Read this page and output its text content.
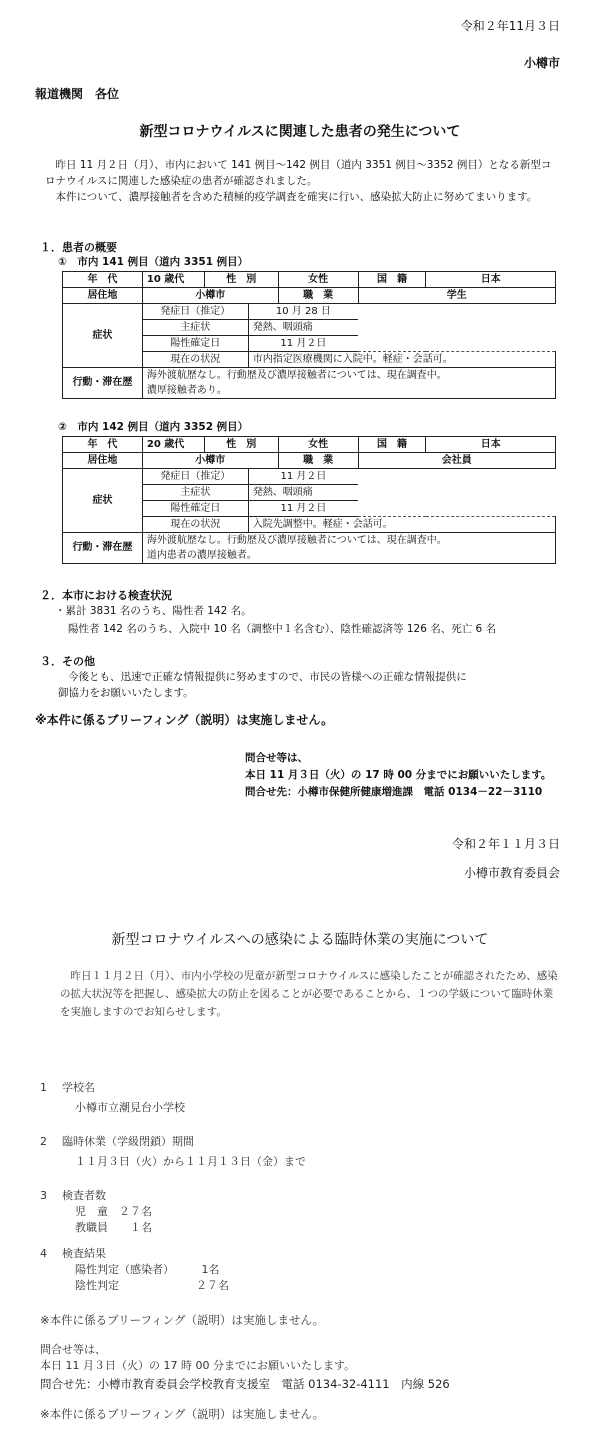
令和２年11月３日
小樽市
報道機関　各位
新型コロナウイルスに関連した患者の発生について
昨日 11 月２日（月）、市内において 141 例目～142 例目（道内 3351 例目～3352 例目）となる新型コロナウイルスに関連した感染症の患者が確認されました。
本件について、濃厚接触者を含めた積極的疫学調査を確実に行い、感染拡大防止に努めてまいります。
１．患者の概要
①　市内 141 例目（道内 3351 例目）
年　代	10 歳代	性　別		女性	国　籍	日本
居住地	小樽市			職　業	学生	
症状	発症日（推定）		10 月 28 日			
	主症状		発熱、咽頭痛			
	陽性確定日		11 月２日			
	現在の状況		市内指定医療機関に入院中。軽症・会話可。			
行動・滞在歴	海外渡航歴なし。行動歴及び濃厚接触者については、現在調査中。					
	濃厚接触者あり。					
②　市内 142 例目（道内 3352 例目）
年　代	20 歳代	性　別		女性	国　籍	日本
居住地	小樽市			職　業	会社員	
症状	発症日（推定）		11 月２日			
	主症状		発熱、咽頭痛			
	陽性確定日		11 月２日			
	現在の状況		入院先調整中。軽症・会話可。			
行動・滞在歴	海外渡航歴なし。行動歴及び濃厚接触者については、現在調査中。					
	道内患者の濃厚接触者。					
２．本市における検査状況
・累計 3831 名のうち、陽性者 142 名。
陽性者 142 名のうち、入院中 10 名（調整中１名含む）、陰性確認済等 126 名、死亡 6 名
３．その他
今後とも、迅速で正確な情報提供に努めますので、市民の皆様への正確な情報提供に
御協力をお願いいたします。
※本件に係るブリーフィング（説明）は実施しません。
問合せ等は、
本日 11 月３日（火）の 17 時 00 分までにお願いいたします。
問合せ先：小樽市保健所健康増進課　電話 0134－22－3110
令和２年１１月３日
小樽市教育委員会
新型コロナウイルスへの感染による臨時休業の実施について
昨日１１月２日（月）、市内小学校の児童が新型コロナウイルスに感染したことが確認されたため、感染の拡大状況等を把握し、感染拡大の防止を図ることが必要であることから、１つの学級について臨時休業を実施しますのでお知らせします。
1 学校名
小樽市立潮見台小学校
2 臨時休業（学級閉鎖）期間
１１月３日（火）から１１月１３日（金）まで
3 検査者数
児　童　２７名
教職員　　１名
4 検査結果
陽性判定（感染者）　　　1名
陰性判定　　　　　　　２７名
※本件に係るブリーフィング（説明）は実施しません。
問合せ等は、
本日 11 月３日（火）の 17 時 00 分までにお願いいたします。
問合せ先：小樽市教育委員会学校教育支援室　電話 0134-32-4111　内線 526
※本件に係るブリーフィング（説明）は実施しません。
